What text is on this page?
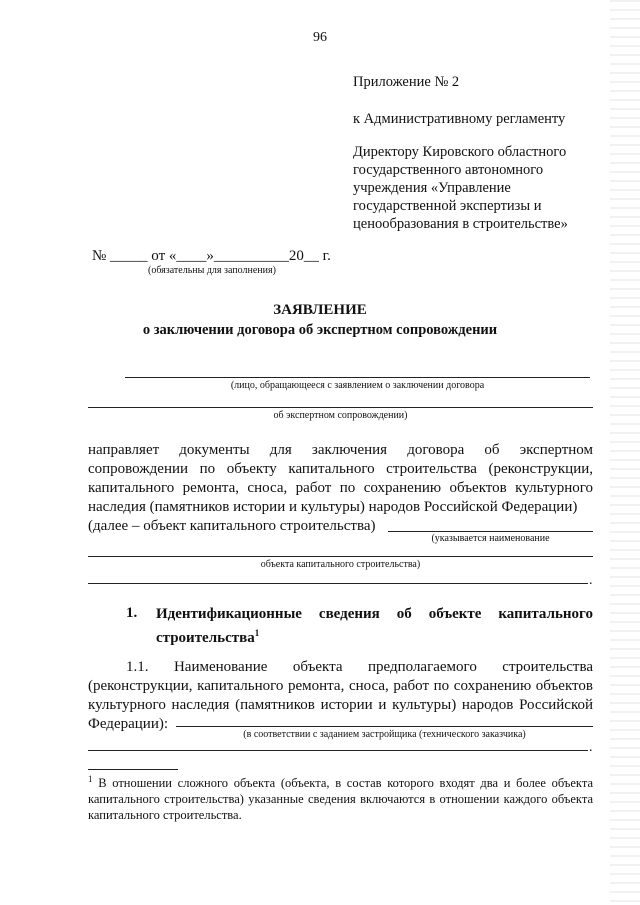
96
Приложение № 2
к Административному регламенту
Директору Кировского областного
государственного автономного
учреждения «Управление
государственной экспертизы и
ценообразования в строительстве»
№ _____ от «____»__________20__ г.
(обязательны для заполнения)
ЗАЯВЛЕНИЕ
о заключении договора об экспертном сопровождении
(лицо, обращающееся с заявлением о заключении договора
об экспертном сопровождении)
направляет документы для заключения договора об экспертном сопровождении по объекту капитального строительства (реконструкции, капитального ремонта, сноса, работ по сохранению объектов культурного наследия (памятников истории и культуры) народов Российской Федерации)
(далее – объект капитального строительства)
(указывается наименование
объекта капитального строительства)
.
1. Идентификационные сведения об объекте капитального строительства$^1$
1.1. Наименование объекта предполагаемого строительства (реконструкции, капитального ремонта, сноса, работ по сохранению объектов культурного наследия (памятников истории и культуры) народов Российской Федерации):
(в соответствии с заданием застройщика (технического заказчика)
.
$^1$ В отношении сложного объекта (объекта, в состав которого входят два и более объекта капитального строительства) указанные сведения включаются в отношении каждого объекта капитального строительства.
